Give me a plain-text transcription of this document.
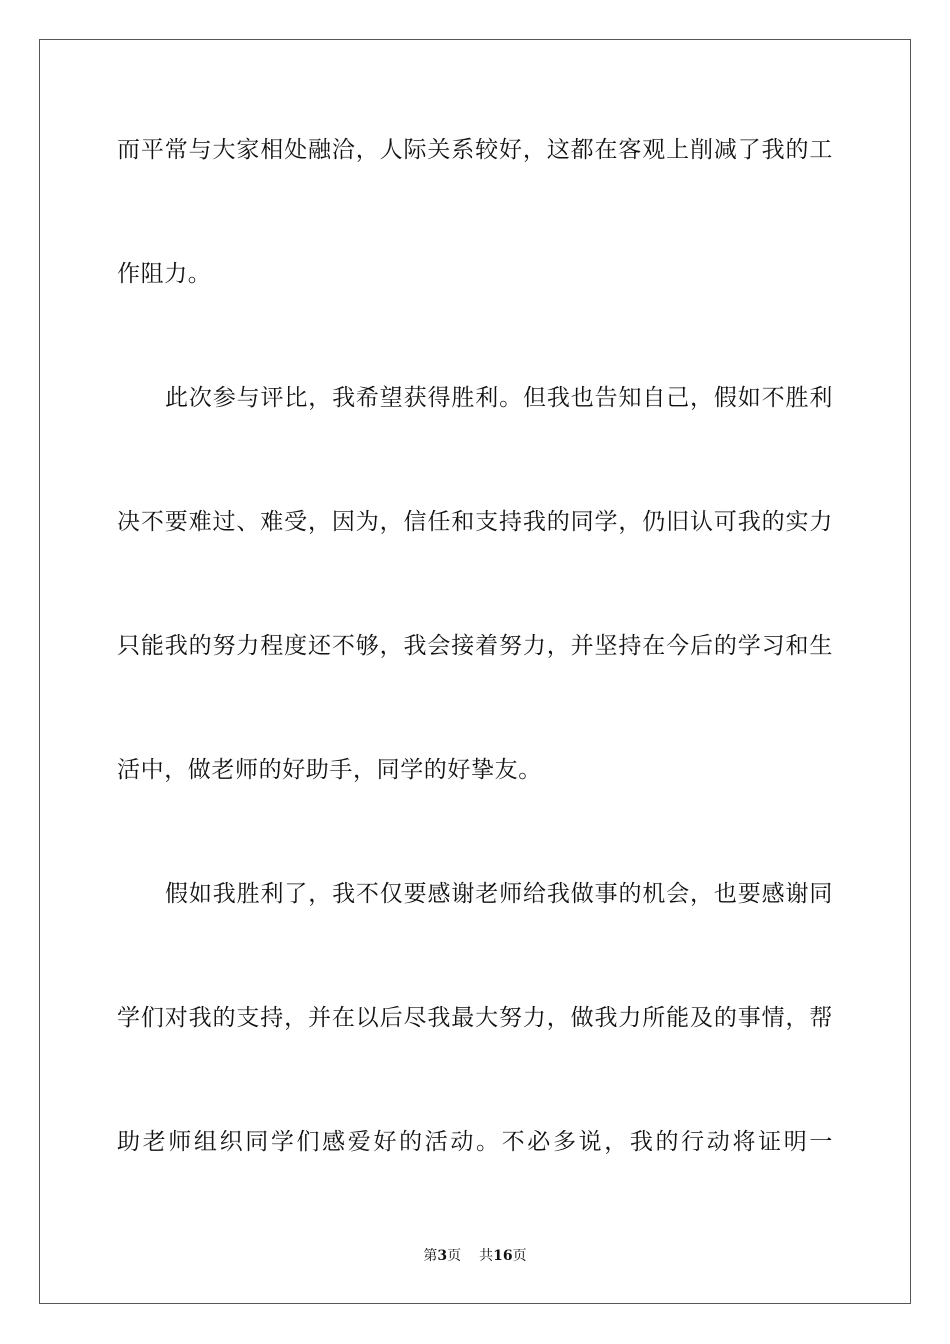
而平常与大家相处融洽，人际关系较好，这都在客观上削减了我的工
作阻力。
此次参与评比，我希望获得胜利。但我也告知自己，假如不胜利
决不要难过、难受，因为，信任和支持我的同学，仍旧认可我的实力
只能我的努力程度还不够，我会接着努力，并坚持在今后的学习和生
活中，做老师的好助手，同学的好挚友。
假如我胜利了，我不仅要感谢老师给我做事的机会，也要感谢同
学们对我的支持，并在以后尽我最大努力，做我力所能及的事情，帮
助老师组织同学们感爱好的活动。不必多说，我的行动将证明一
第3页 共16页
